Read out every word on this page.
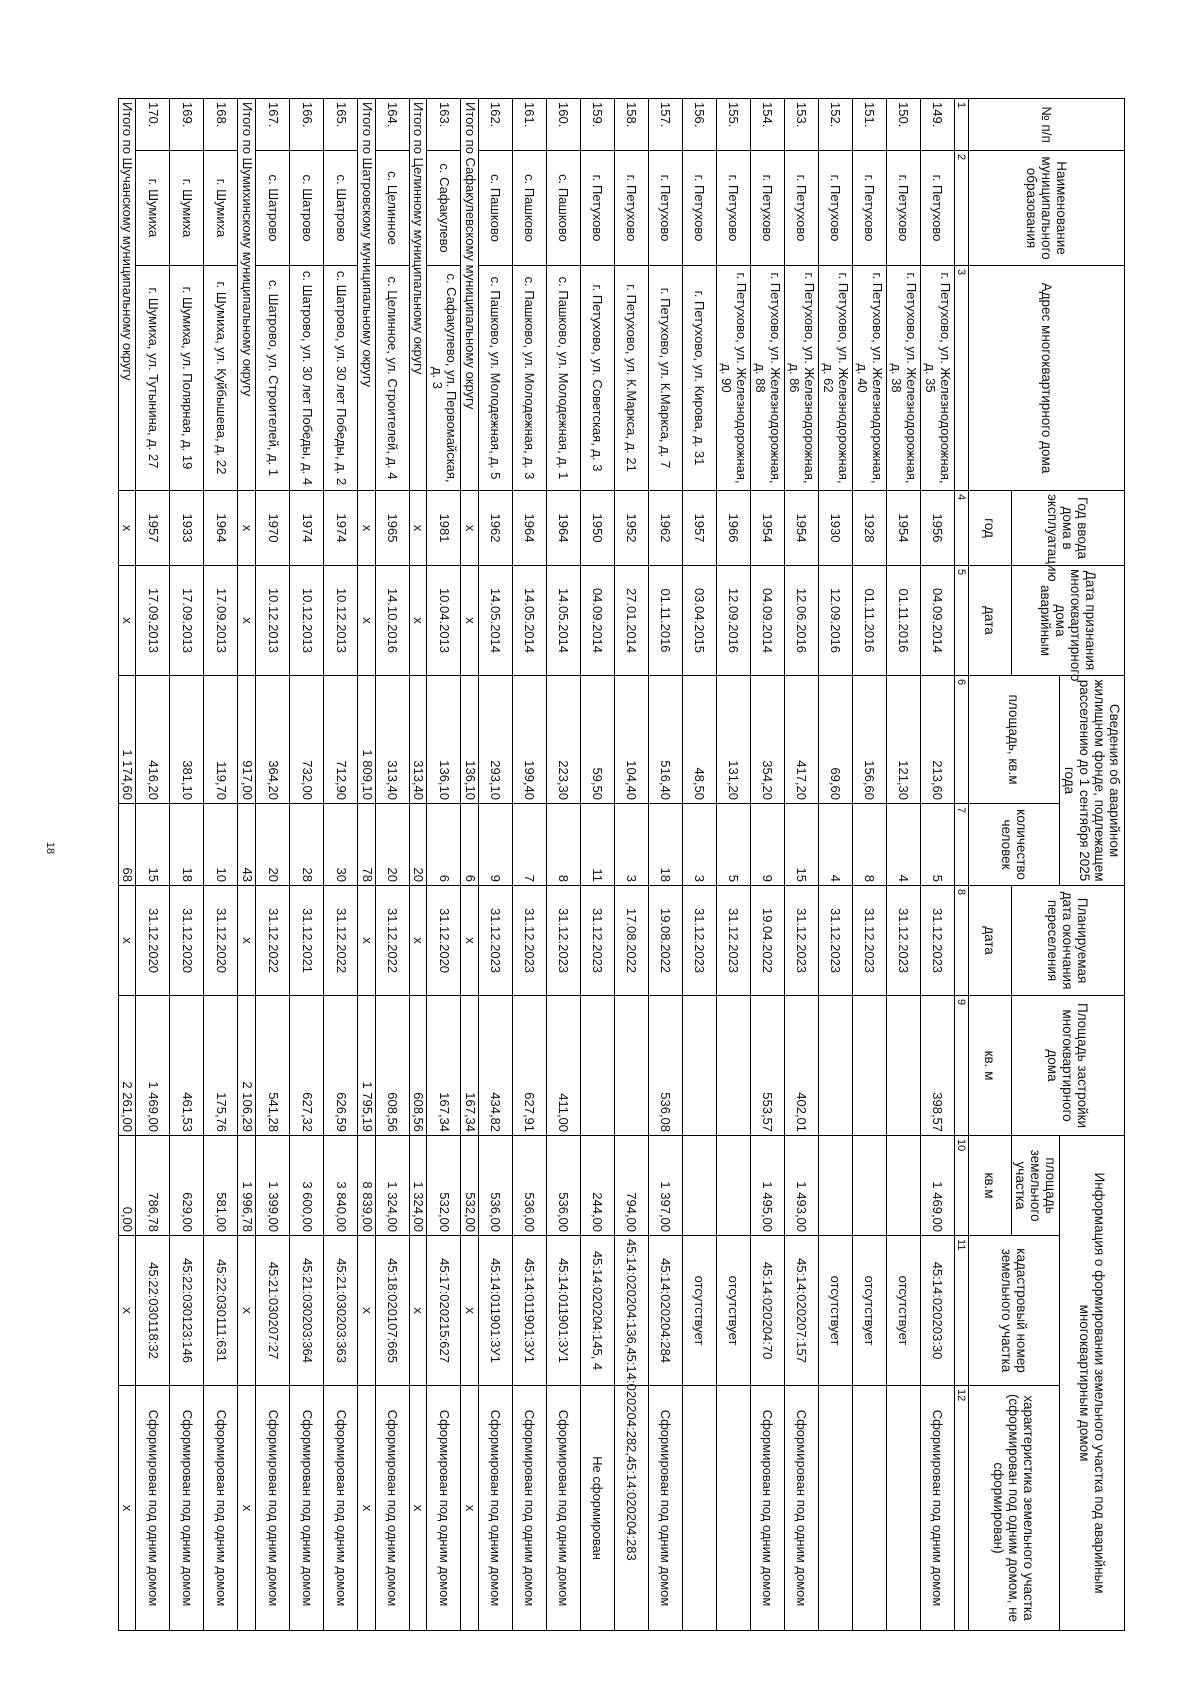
18
№ п/п	Наименование муниципального образования	Адрес многоквартирного дома	Год ввода дома в эксплуатацию	Дата признания многоквартирного дома аварийным	Сведения об аварийном жилищном фонде, подлежащем расселению до 1 сентября 2025 года		Планируемая дата окончания переселения	Площадь застройки многоквартирного дома	Информация о формировании земельного участка под аварийным многоквартирным домом		
					площадь, кв.м	количество человек			площадь земельного участка	кадастровый номер земельного участка	характеристика земельного участка (сформирован под одним домом, не сформирован)
			год	дата			дата	кв. м	кв.м		
1	2	3	4	5	6	7	8	9	10	11	12
149.	г. Петухово	г. Петухово, ул. Железнодорожная, д. 35	1956	04.09.2014	213,60	5	31.12.2023	398,57	1 469,00	45:14:020203:30	Сформирован под одним домом
150.	г. Петухово	г. Петухово, ул. Железнодорожная, д. 38	1954	01.11.2016	121,30	4	31.12.2023			отсутствует	
151.	г. Петухово	г. Петухово, ул. Железнодорожная, д. 40	1928	01.11.2016	156,60	8	31.12.2023			отсутствует	
152.	г. Петухово	г. Петухово, ул. Железнодорожная, д. 62	1930	12.09.2016	69,60	4	31.12.2023			отсутствует	
153.	г. Петухово	г. Петухово, ул. Железнодорожная, д. 86	1954	12.06.2016	417,20	15	31.12.2023	402,01	1 493,00	45:14:020207:157	Сформирован под одним домом
154.	г. Петухово	г. Петухово, ул. Железнодорожная, д. 88	1954	04.09.2014	354,20	9	19.04.2022	553,57	1 495,00	45:14:020204:70	Сформирован под одним домом
155.	г. Петухово	г. Петухово, ул. Железнодорожная, д. 90	1966	12.09.2016	131,20	5	31.12.2023			отсутствует	
156.	г. Петухово	г. Петухово, ул. Кирова, д. 31	1957	03.04.2015	48,50	3	31.12.2023			отсутствует	
157.	г. Петухово	г. Петухово, ул. К.Маркса, д. 7	1962	01.11.2016	516,40	18	19.08.2022	536,08	1 397,00	45:14:020204:284	Сформирован под одним домом
158.	г. Петухово	г. Петухово, ул. К.Маркса, д. 21	1952	27.01.2014	104,40	3	17.08.2022		794,00	45:14:020204:136,45:14:020204:282,45:14:020204:283	
159.	г. Петухово	г. Петухово, ул. Советская, д. 3	1950	04.09.2014	59,50	11	31.12.2023		244,00	45:14:020204:145, 4	Не сформирован
160.	с. Пашково	с. Пашково, ул. Молодежная, д. 1	1964	14.05.2014	223,30	8	31.12.2023	411,00	536,00	45:14:011901:3У1	Сформирован под одним домом
161.	с. Пашково	с. Пашково, ул. Молодежная, д. 3	1964	14.05.2014	199,40	7	31.12.2023	627,91	536,00	45:14:011901:3У1	Сформирован под одним домом
162.	с. Пашково	с. Пашково, ул. Молодежная, д. 5	1962	14.05.2014	293,10	9	31.12.2023	434,82	536,00	45:14:011901:3У1	Сформирован под одним домом
Итого по Сафакулевскому муниципальному округу			x	x	136,10	6	x	167,34	532,00	x	x
163.	с. Сафакулево	с. Сафакулево, ул. Первомайская, д. 3	1981	10.04.2013	136,10	6	31.12.2020	167,34	532,00	45:17:020215:627	Сформирован под одним домом
Итого по Целинному муниципальному округу			x	x	313,40	20	x	608,56	1 324,00	x	x
164.	с. Целинное	с. Целинное, ул. Строителей, д. 4	1965	14.10.2016	313,40	20	31.12.2022	608,56	1 324,00	45:18:020107:665	Сформирован под одним домом
Итого по Шатровскому муниципальному округу			x	x	1 809,10	78	x	1 795,19	8 839,00	x	x
165.	с. Шатрово	с. Шатрово, ул. 30 лет Победы, д. 2	1974	10.12.2013	712,90	30	31.12.2022	626,59	3 840,00	45:21:030203:363	Сформирован под одним домом
166.	с. Шатрово	с. Шатрово, ул. 30 лет Победы, д. 4	1974	10.12.2013	732,00	28	31.12.2021	627,32	3 600,00	45:21:030203:364	Сформирован под одним домом
167.	с. Шатрово	с. Шатрово, ул. Строителей, д. 1	1970	10.12.2013	364,20	20	31.12.2022	541,28	1 399,00	45:21:030207:27	Сформирован под одним домом
Итого по Шумихинскому муниципальному округу			x	x	917,00	43	x	2 106,29	1 996,78	x	x
168.	г. Шумиха	г. Шумиха, ул. Куйбышева, д. 22	1964	17.09.2013	119,70	10	31.12.2020	175,76	581,00	45:22:030111:631	Сформирован под одним домом
169.	г. Шумиха	г. Шумиха, ул. Полярная, д. 19	1933	17.09.2013	381,10	18	31.12.2020	461,53	629,00	45:22:030123:146	Сформирован под одним домом
170.	г. Шумиха	г. Шумиха, ул. Тутынина, д. 27	1957	17.09.2013	416,20	15	31.12.2020	1 469,00	786,78	45:22:030118:32	Сформирован под одним домом
Итого по Шучанскому муниципальному округу			x	x	1 174,60	68	x	2 261,00	0,00	x	x
